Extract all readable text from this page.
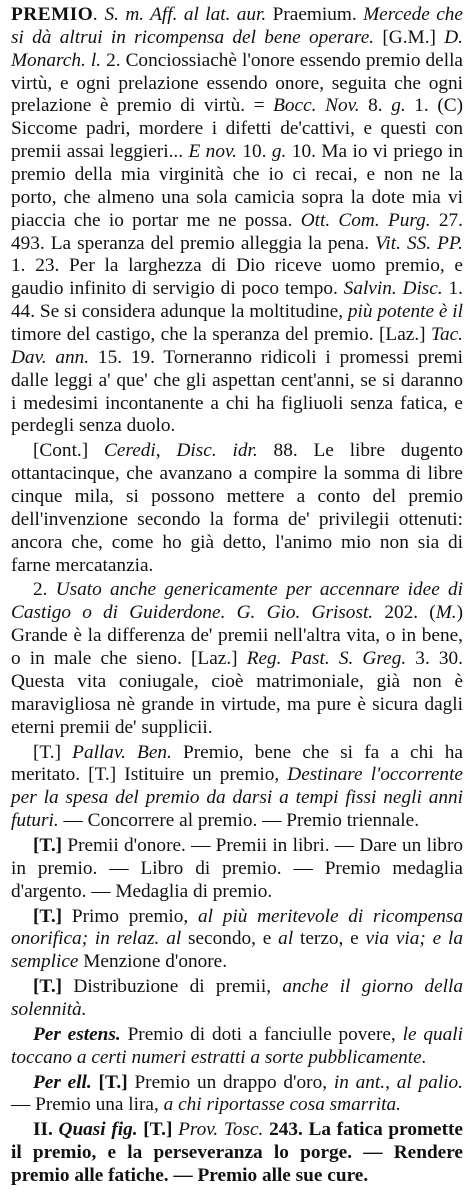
PREMIO. S. m. Aff. al lat. aur. Praemium. Mercede che si dà altrui in ricompensa del bene operare. [G.M.] D. Monarch. l. 2. Conciossiachè l'onore essendo premio della virtù, e ogni prelazione essendo onore, seguita che ogni prelazione è premio di virtù. = Bocc. Nov. 8. g. 1. (C) Siccome padri, mordere i difetti de'cattivi, e questi con premii assai leggieri... E nov. 10. g. 10. Ma io vi priego in premio della mia virginità che io ci recai, e non ne la porto, che almeno una sola camicia sopra la dote mia vi piaccia che io portar me ne possa. Ott. Com. Purg. 27. 493. La speranza del premio alleggia la pena. Vit. SS. PP. 1. 23. Per la larghezza di Dio riceve uomo premio, e gaudio infinito di servigio di poco tempo. Salvin. Disc. 1. 44. Se si considera adunque la moltitudine, più potente è il timore del castigo, che la speranza del premio. [Laz.] Tac. Dav. ann. 15. 19. Torneranno ridicoli i promessi premi dalle leggi a' que' che gli aspettan cent'anni, se si daranno i medesimi incontanente a chi ha figliuoli senza fatica, e perdegli senza duolo.

[Cont.] Ceredi, Disc. idr. 88. Le libre dugento ottantacinque, che avanzano a compire la somma di libre cinque mila, si possono mettere a conto del premio dell'invenzione secondo la forma de' privilegii ottenuti: ancora che, come ho già detto, l'animo mio non sia di farne mercatanzia.

2. Usato anche genericamente per accennare idee di Castigo o di Guiderdone. G. Gio. Grisost. 202. (M.) Grande è la differenza de' premii nell'altra vita, o in bene, o in male che sieno. [Laz.] Reg. Past. S. Greg. 3. 30. Questa vita coniugale, cioè matrimoniale, già non è maravigliosa nè grande in virtude, ma pure è sicura dagli eterni premii de' supplicii.

[T.] Pallav. Ben. Premio, bene che si fa a chi ha meritato. [T.] Istituire un premio, Destinare l'occorrente per la spesa del premio da darsi a tempi fissi negli anni futuri. — Concorrere al premio. — Premio triennale.

[T.] Premii d'onore. — Premii in libri. — Dare un libro in premio. — Libro di premio. — Premio medaglia d'argento. — Medaglia di premio.

[T.] Primo premio, al più meritevole di ricompensa onorifica; in relaz. al secondo, e al terzo, e via via; e la semplice Menzione d'onore.

[T.] Distribuzione di premii, anche il giorno della solennità.

Per estens. Premio di doti a fanciulle povere, le quali toccano a certi numeri estratti a sorte pubblicamente.

Per ell. [T.] Premio un drappo d'oro, in ant., al palio. — Premio una lira, a chi riportasse cosa smarrita.

II. Quasi fig. [T.] Prov. Tosc. 243. La fatica promette il premio, e la perseveranza lo porge. — Rendere premio alle fatiche. — Premio alle sue cure.
